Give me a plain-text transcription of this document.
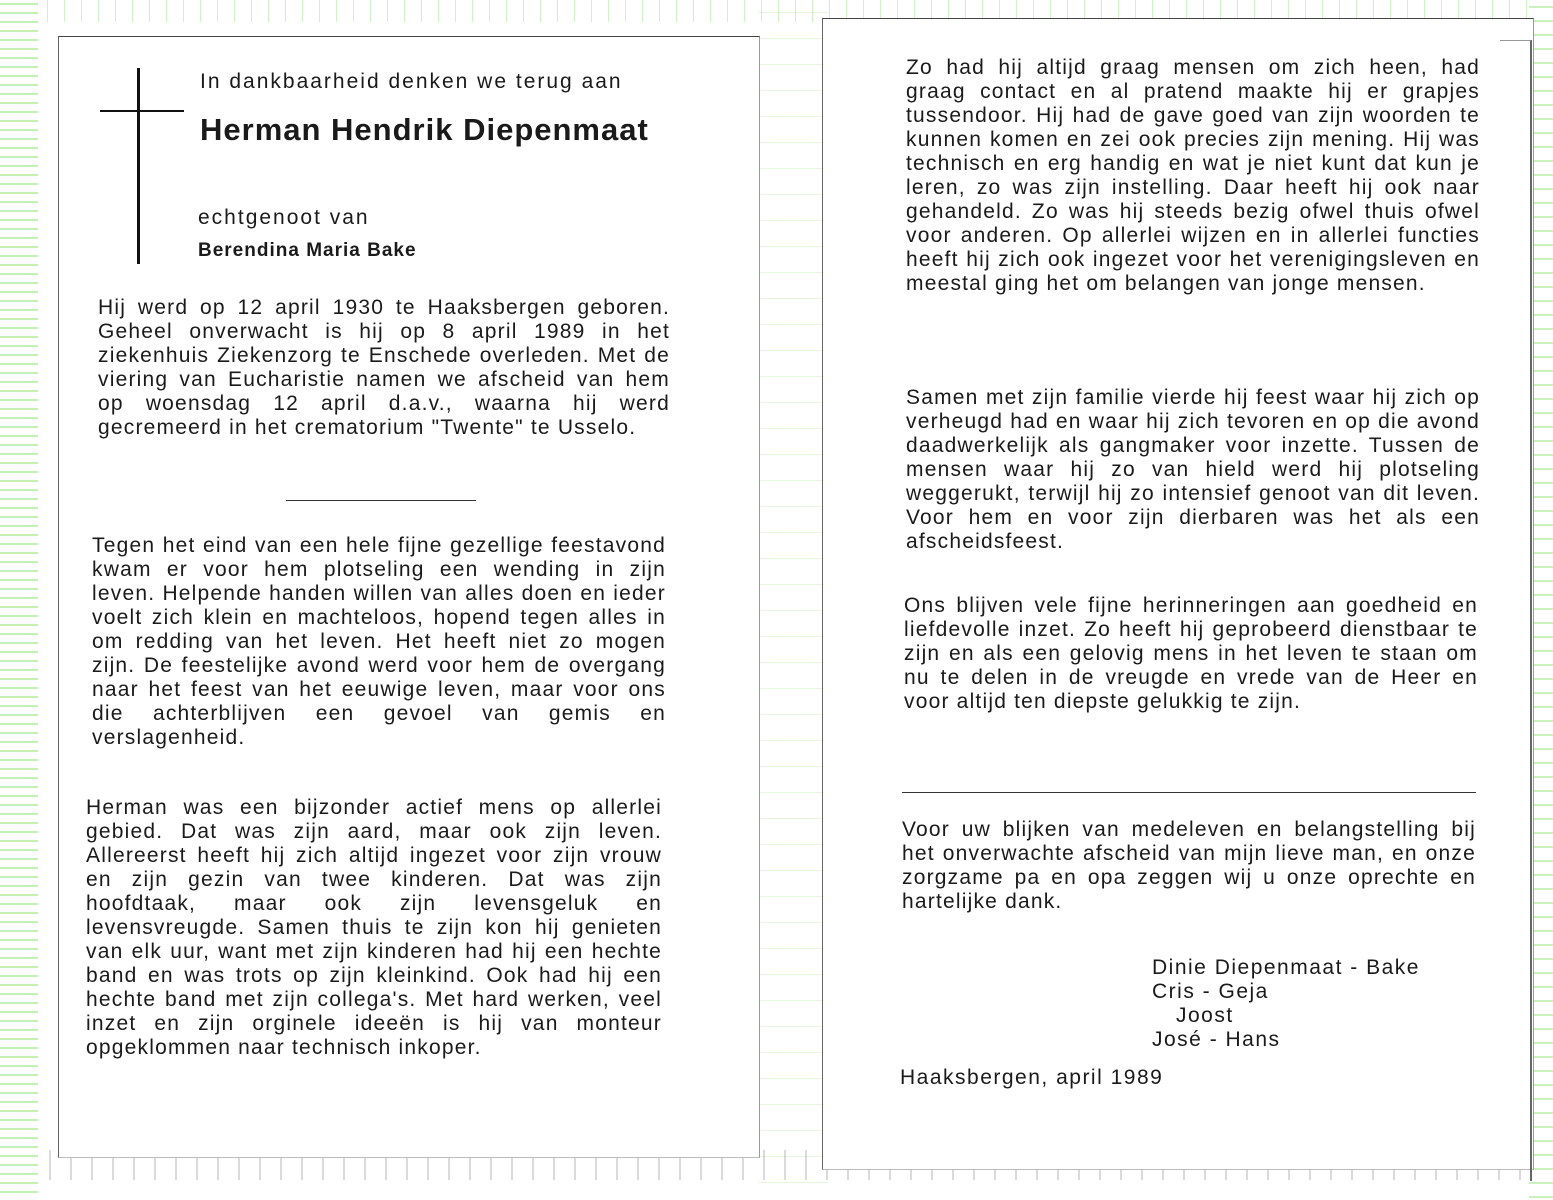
In dankbaarheid denken we terug aan

Herman Hendrik Diepenmaat

echtgenoot van

Berendina Maria Bake

Hij werd op 12 april 1930 te Haaksbergen geboren. Geheel onverwacht is hij op 8 april 1989 in het ziekenhuis Ziekenzorg te Enschede overleden. Met de viering van Eucharistie namen we afscheid van hem op woensdag 12 april d.a.v., waarna hij werd gecremeerd in het crematorium "Twente" te Usselo.

Tegen het eind van een hele fijne gezellige feestavond kwam er voor hem plotseling een wending in zijn leven. Helpende handen willen van alles doen en ieder voelt zich klein en machteloos, hopend tegen alles in om redding van het leven. Het heeft niet zo mogen zijn. De feestelijke avond werd voor hem de overgang naar het feest van het eeuwige leven, maar voor ons die achterblijven een gevoel van gemis en verslagenheid.

Herman was een bijzonder actief mens op allerlei gebied. Dat was zijn aard, maar ook zijn leven. Allereerst heeft hij zich altijd ingezet voor zijn vrouw en zijn gezin van twee kinderen. Dat was zijn hoofdtaak, maar ook zijn levensgeluk en levensvreugde. Samen thuis te zijn kon hij genieten van elk uur, want met zijn kinderen had hij een hechte band en was trots op zijn kleinkind. Ook had hij een hechte band met zijn collega's. Met hard werken, veel inzet en zijn orginele ideeën is hij van monteur opgeklommen naar technisch inkoper.

Zo had hij altijd graag mensen om zich heen, had graag contact en al pratend maakte hij er grapjes tussendoor. Hij had de gave goed van zijn woorden te kunnen komen en zei ook precies zijn mening. Hij was technisch en erg handig en wat je niet kunt dat kun je leren, zo was zijn instelling. Daar heeft hij ook naar gehandeld. Zo was hij steeds bezig ofwel thuis ofwel voor anderen. Op allerlei wijzen en in allerlei functies heeft hij zich ook ingezet voor het verenigingsleven en meestal ging het om belangen van jonge mensen.

Samen met zijn familie vierde hij feest waar hij zich op verheugd had en waar hij zich tevoren en op die avond daadwerkelijk als gangmaker voor inzette. Tussen de mensen waar hij zo van hield werd hij plotseling weggerukt, terwijl hij zo intensief genoot van dit leven. Voor hem en voor zijn dierbaren was het als een afscheidsfeest.

Ons blijven vele fijne herinneringen aan goedheid en liefdevolle inzet. Zo heeft hij geprobeerd dienstbaar te zijn en als een gelovig mens in het leven te staan om nu te delen in de vreugde en vrede van de Heer en voor altijd ten diepste gelukkig te zijn.

Voor uw blijken van medeleven en belangstelling bij het onverwachte afscheid van mijn lieve man, en onze zorgzame pa en opa zeggen wij u onze oprechte en hartelijke dank.

Dinie Diepenmaat - Bake
Cris - Geja
Joost
José - Hans

Haaksbergen, april 1989
